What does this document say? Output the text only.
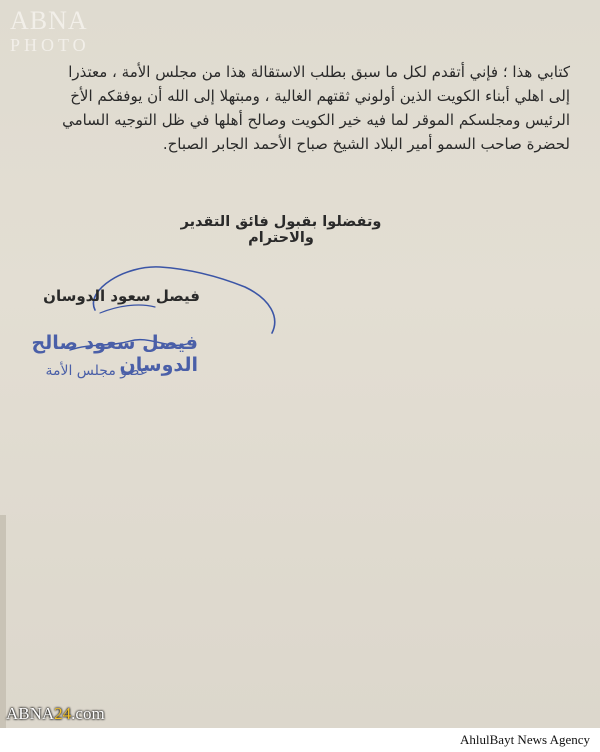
ABNA
PHOTO
كتابي هذا ؛ فإني أتقدم لكل ما سبق بطلب الاستقالة هذا من مجلس الأمة ، معتذرا
إلى اهلي أبناء الكويت الذين أولوني ثقتهم الغالية ، ومبتهلا إلى الله أن يوفقكم الأخ
الرئيس ومجلسكم الموقر لما فيه خير الكويت وصالح أهلها في ظل التوجيه السامي
لحضرة صاحب السمو أمير البلاد الشيخ صباح الأحمد الجابر الصباح.
وتفضلوا بقبول فائق التقدير والاحترام
فيصل سعود الدوسان
فيصل سعود صالح الدوسان
عضو مجلس الأمة
ABNA24.com
AhlulBayt News Agency
